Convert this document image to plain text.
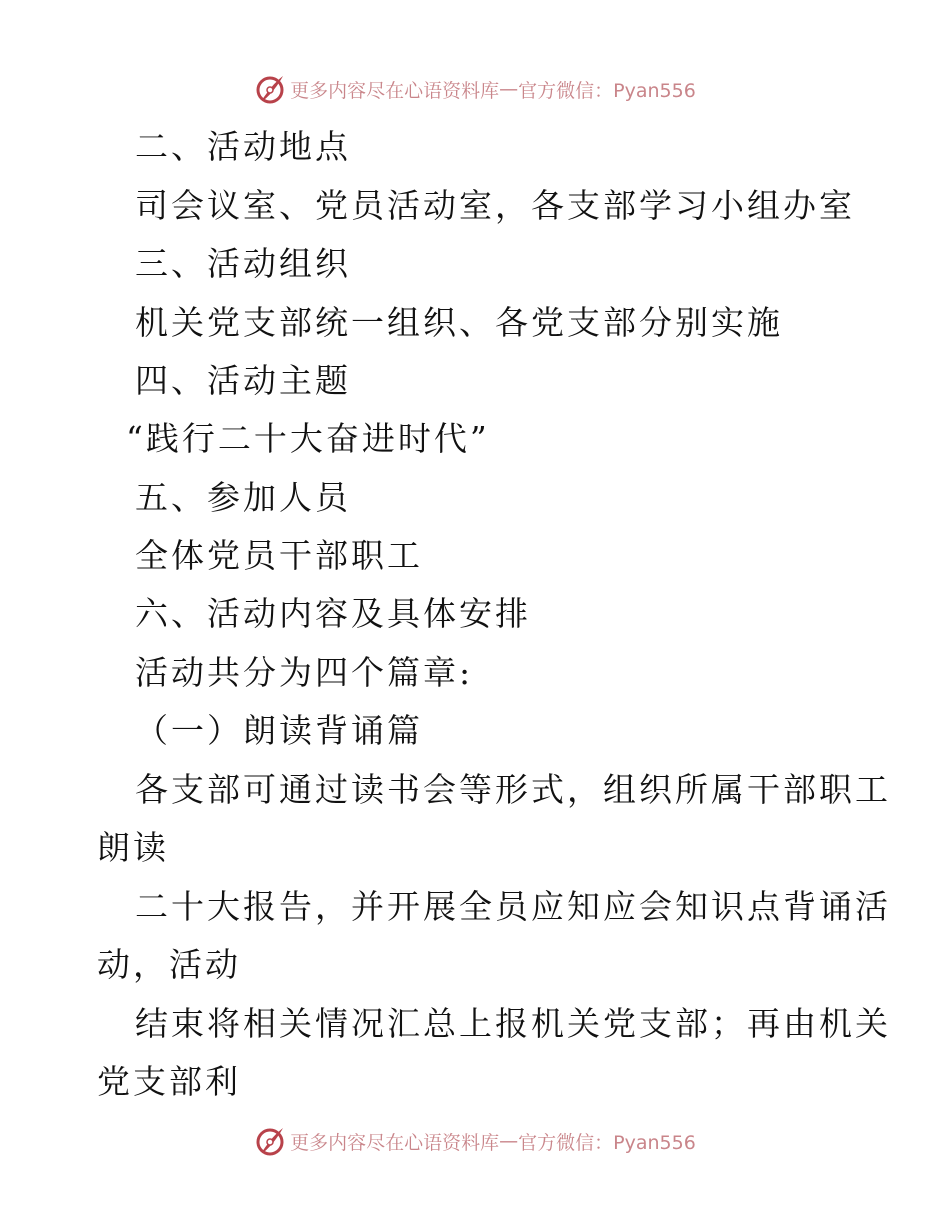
更多内容尽在心语资料库 — 官方微信：Pyan556
二、活动地点
司会议室、党员活动室，各支部学习小组办室
三、活动组织
机关党支部统一组织、各党支部分别实施
四、活动主题
“践行二十大奋进时代”
五、参加人员
全体党员干部职工
六、活动内容及具体安排
活动共分为四个篇章:
（一）朗读背诵篇
各支部可通过读书会等形式，组织所属干部职工
朗读
二十大报告，并开展全员应知应会知识点背诵活
动，活动
结束将相关情况汇总上报机关党支部；再由机关
党支部利
更多内容尽在心语资料库 — 官方微信：Pyan556
